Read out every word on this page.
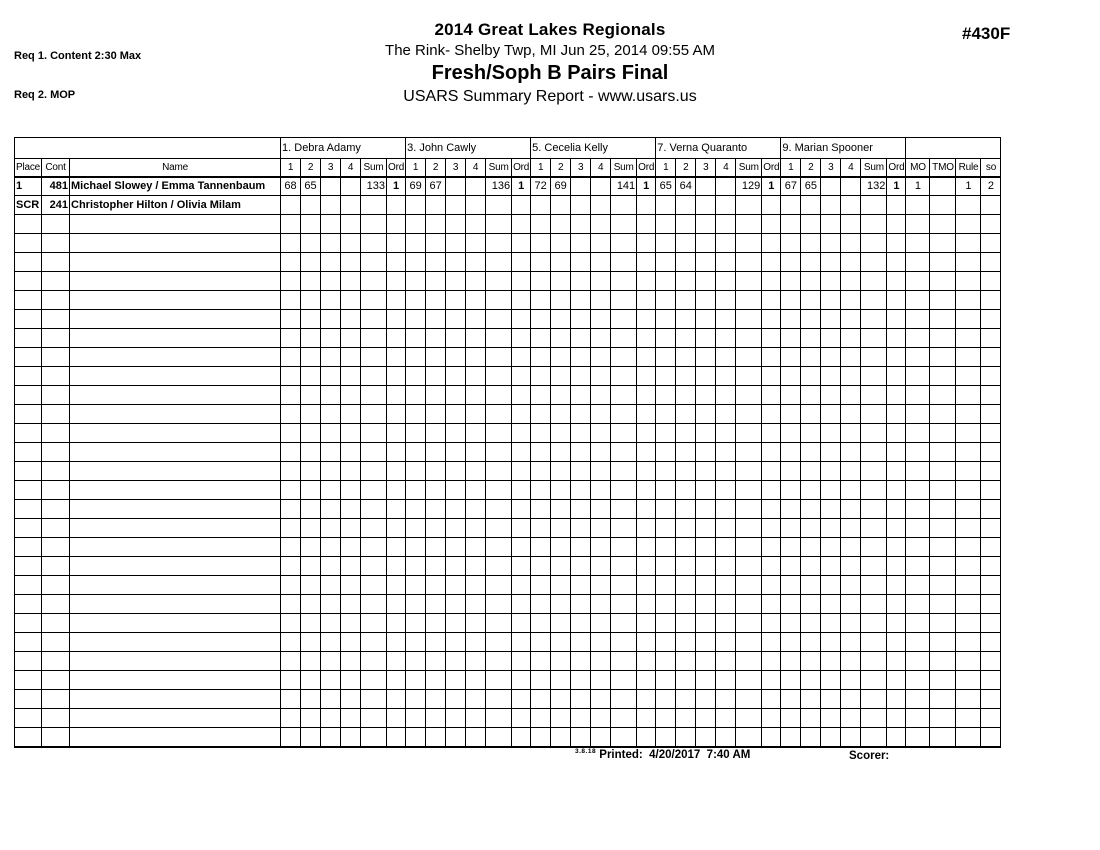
Req 1. Content 2:30 Max

Req 2. MOP

2014 Great Lakes Regionals
The Rink- Shelby Twp, MI Jun 25, 2014 09:55 AM
Fresh/Soph B Pairs Final
USARS Summary Report - www.usars.us
#430F
			1. Debra Adamy						3. John Cawly						5. Cecelia Kelly						7. Verna Quaranto						9. Marian Spooner									
Place	Cont	Name	1	2	3	4	Sum	Ord	1	2	3	4	Sum	Ord	1	2	3	4	Sum	Ord	1	2	3	4	Sum	Ord	1	2	3	4	Sum	Ord	MO	TMO	Rule	so
1	481	Michael Slowey / Emma Tannenbaum	68	65			133	1	69	67			136	1	72	69			141	1	65	64			129	1	67	65			132	1	1		1	2
SCR	241	Christopher Hilton / Olivia Milam																																		

$^{3.8.18}$ Printed: 4/20/2017  7:40 AM	Scorer:
